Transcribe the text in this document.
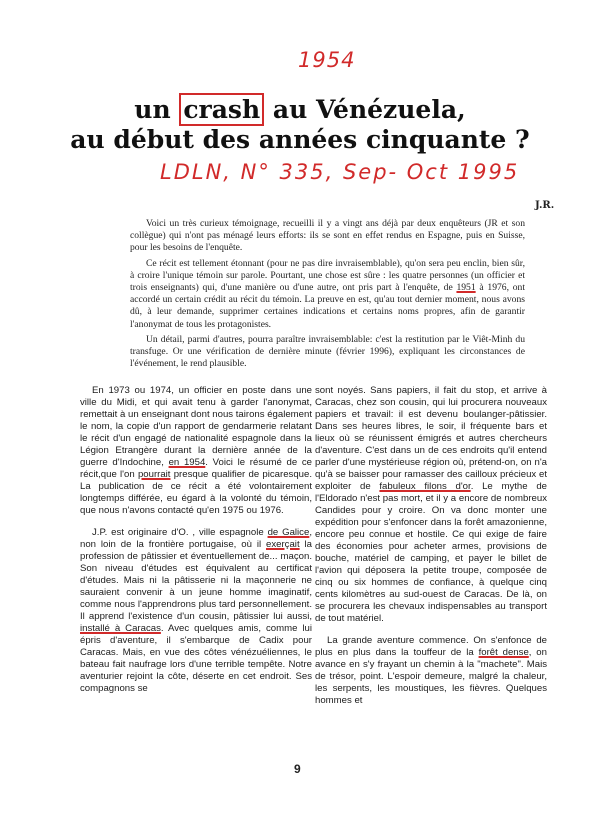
1954
un crash au Vénézuela,
au début des années cinquante ?
LDLN, N° 335, Sep- Oct 1995
J.R.

Voici un très curieux témoignage, recueilli il y a vingt ans déjà par deux enquêteurs (JR et son collègue) qui n'ont pas ménagé leurs efforts: ils se sont en effet rendus en Espagne, puis en Suisse, pour les besoins de l'enquête.

Ce récit est tellement étonnant (pour ne pas dire invraisemblable), qu'on sera peu enclin, bien sûr, à croire l'unique témoin sur parole. Pourtant, une chose est sûre : les quatre personnes (un officier et trois enseignants) qui, d'une manière ou d'une autre, ont pris part à l'enquête, de 1951 à 1976, ont accordé un certain crédit au récit du témoin. La preuve en est, qu'au tout dernier moment, nous avons dû, à leur demande, supprimer certaines indications et certains noms propres, afin de garantir l'anonymat de tous les protagonistes.

Un détail, parmi d'autres, pourra paraître invraisemblable: c'est la restitution par le Viêt-Minh du transfuge. Or une vérification de dernière minute (février 1996), expliquant les circonstances de l'événement, le rend plausible.

En 1973 ou 1974, un officier en poste dans une ville du Midi, et qui avait tenu à garder l'anonymat, remettait à un enseignant dont nous tairons également le nom, la copie d'un rapport de gendarmerie relatant le récit d'un engagé de nationalité espagnole dans la Légion Etrangère durant la dernière année de la guerre d'Indochine, en 1954. Voici le résumé de ce récit,que l'on pourrait presque qualifier de picaresque. La publication de ce récit a été volontairement longtemps différée, eu égard à la volonté du témoin, que nous n'avons contacté qu'en 1975 ou 1976.

J.P. est originaire d'O. , ville espagnole de Galice, non loin de la frontière portugaise, où il exerçait la profession de pâtissier et éventuellement de... maçon. Son niveau d'études est équivalent au certificat d'études. Mais ni la pâtisserie ni la maçonnerie ne sauraient convenir à un jeune homme imaginatif, comme nous l'apprendrons plus tard personnellement. Il apprend l'existence d'un cousin, pâtissier lui aussi, installé à Caracas. Avec quelques amis, comme lui épris d'aventure, il s'embarque de Cadix pour Caracas. Mais, en vue des côtes vénézuéliennes, le bateau fait naufrage lors d'une terrible tempête. Notre aventurier rejoint la côte, déserte en cet endroit. Ses compagnons se

sont noyés. Sans papiers, il fait du stop, et arrive à Caracas, chez son cousin, qui lui procurera nouveaux papiers et travail: il est devenu boulanger-pâtissier. Dans ses heures libres, le soir, il fréquente bars et lieux où se réunissent émigrés et autres chercheurs d'aventure. C'est dans un de ces endroits qu'il entend parler d'une mystérieuse région où, prétend-on, on n'a qu'à se baisser pour ramasser des cailloux précieux et exploiter de fabuleux filons d'or. Le mythe de l'Eldorado n'est pas mort, et il y a encore de nombreux Candides pour y croire. On va donc monter une expédition pour s'enfoncer dans la forêt amazonienne, encore peu connue et hostile. Ce qui exige de faire des économies pour acheter armes, provisions de bouche, matériel de camping, et payer le billet de l'avion qui déposera la petite troupe, composée de cinq ou six hommes de confiance, à quelque cinq cents kilomètres au sud-ouest de Caracas. De là, on se procurera les chevaux indispensables au transport de tout matériel.

La grande aventure commence. On s'enfonce de plus en plus dans la touffeur de la forêt dense, on avance en s'y frayant un chemin à la "machete". Mais de trésor, point. L'espoir demeure, malgré la chaleur, les serpents, les moustiques, les fièvres. Quelques hommes et

9
